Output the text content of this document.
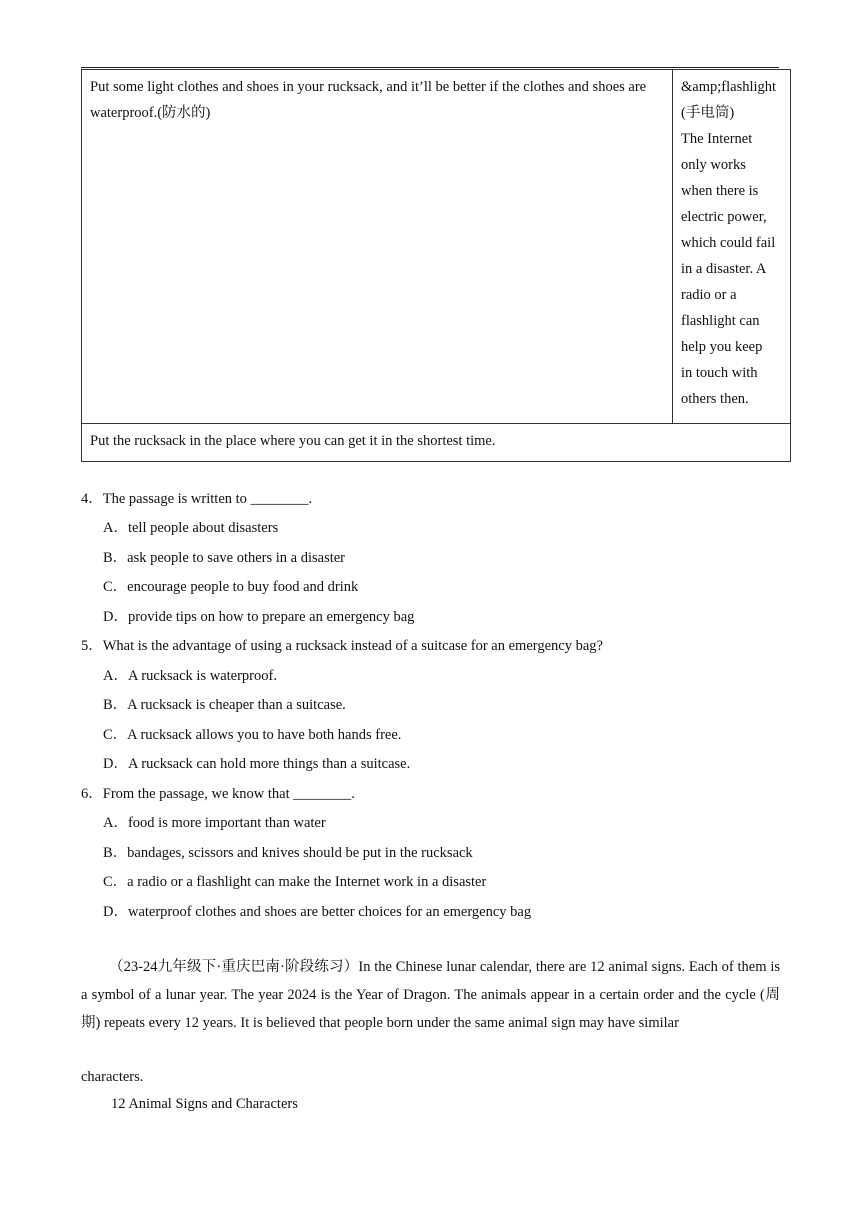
Put some light clothes and shoes in your rucksack, and it’ll be better if the clothes and shoes are waterproof.(防水的)	
&amp;flashlight
(手电筒)
The Internet
only works
when there is
electric power,
which could fail
in a disaster. A
radio or a
flashlight can
help you keep
in touch with
others then.

Put the rucksack in the place where you can get it in the shortest time.
4．The passage is written to ________.
A．tell people about disasters
B．ask people to save others in a disaster
C．encourage people to buy food and drink
D．provide tips on how to prepare an emergency bag
5．What is the advantage of using a rucksack instead of a suitcase for an emergency bag?
A．A rucksack is waterproof.
B．A rucksack is cheaper than a suitcase.
C．A rucksack allows you to have both hands free.
D．A rucksack can hold more things than a suitcase.
6．From the passage, we know that ________.
A．food is more important than water
B．bandages, scissors and knives should be put in the rucksack
C．a radio or a flashlight can make the Internet work in a disaster
D．waterproof clothes and shoes are better choices for an emergency bag
（23-24九年级下·重庆巴南·阶段练习）In the Chinese lunar calendar, there are 12 animal signs. Each of them is a symbol of a lunar year. The year 2024 is the Year of Dragon. The animals appear in a certain order and the cycle (周期) repeats every 12 years. It is believed that people born under the same animal sign may have similar
characters.
12 Animal Signs and Characters
